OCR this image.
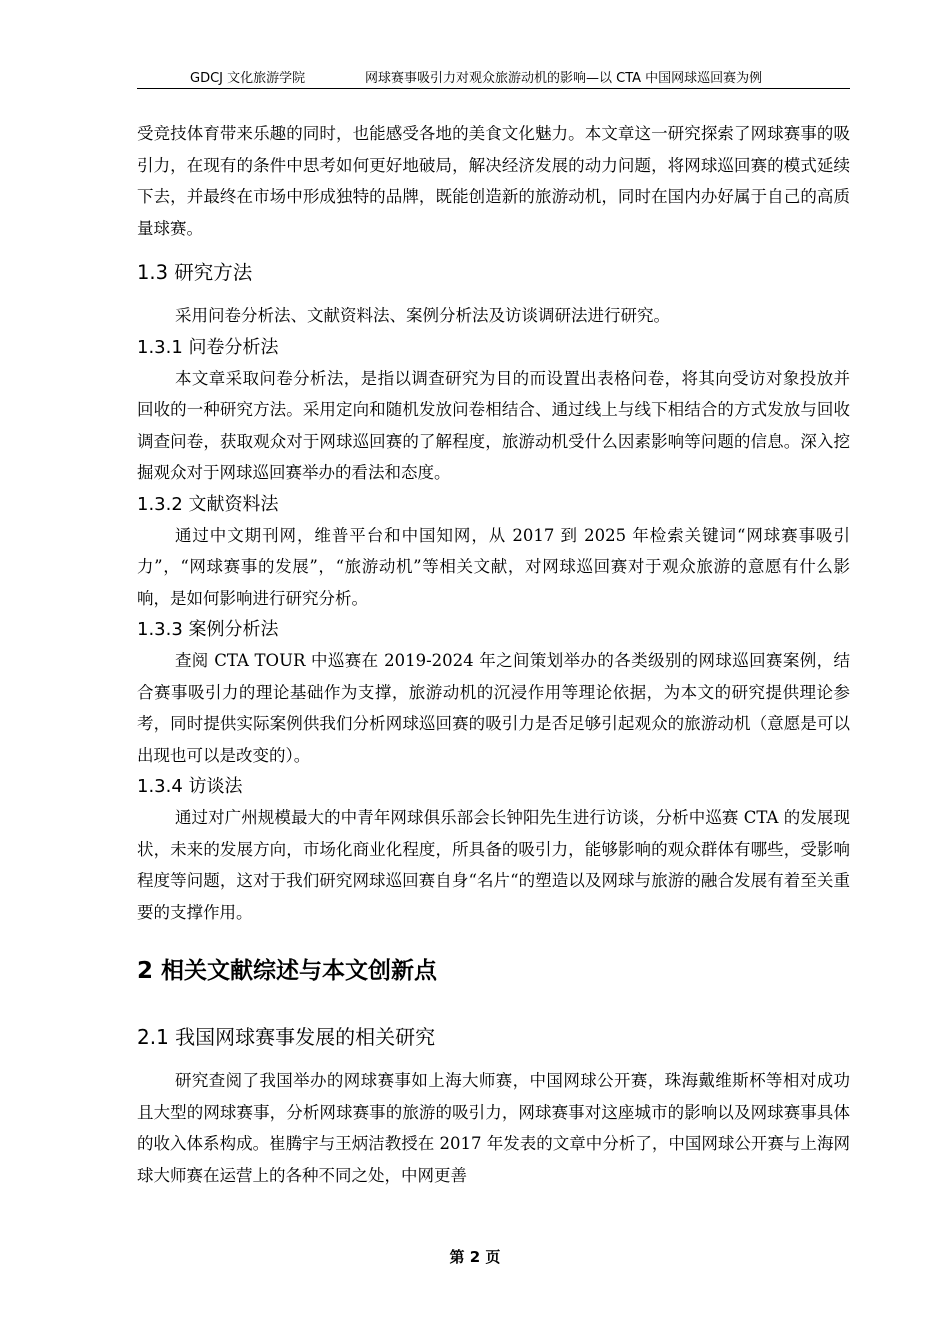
GDCJ 文化旅游学院	网球赛事吸引力对观众旅游动机的影响—以 CTA 中国网球巡回赛为例

受竞技体育带来乐趣的同时，也能感受各地的美食文化魅力。本文章这一研究探索了网球赛事的吸引力，在现有的条件中思考如何更好地破局，解决经济发展的动力问题，将网球巡回赛的模式延续下去，并最终在市场中形成独特的品牌，既能创造新的旅游动机，同时在国内办好属于自己的高质量球赛。

1.3 研究方法

采用问卷分析法、文献资料法、案例分析法及访谈调研法进行研究。

1.3.1 问卷分析法

本文章采取问卷分析法，是指以调查研究为目的而设置出表格问卷，将其向受访对象投放并回收的一种研究方法。采用定向和随机发放问卷相结合、通过线上与线下相结合的方式发放与回收调查问卷，获取观众对于网球巡回赛的了解程度，旅游动机受什么因素影响等问题的信息。深入挖掘观众对于网球巡回赛举办的看法和态度。

1.3.2 文献资料法

通过中文期刊网，维普平台和中国知网，从 2017 到 2025 年检索关键词“网球赛事吸引力”，“网球赛事的发展”，“旅游动机”等相关文献，对网球巡回赛对于观众旅游的意愿有什么影响，是如何影响进行研究分析。

1.3.3 案例分析法

查阅 CTA TOUR 中巡赛在 2019-2024 年之间策划举办的各类级别的网球巡回赛案例，结合赛事吸引力的理论基础作为支撑，旅游动机的沉浸作用等理论依据，为本文的研究提供理论参考，同时提供实际案例供我们分析网球巡回赛的吸引力是否足够引起观众的旅游动机（意愿是可以出现也可以是改变的）。

1.3.4 访谈法

通过对广州规模最大的中青年网球俱乐部会长钟阳先生进行访谈，分析中巡赛 CTA 的发展现状，未来的发展方向，市场化商业化程度，所具备的吸引力，能够影响的观众群体有哪些，受影响程度等问题，这对于我们研究网球巡回赛自身“名片“的塑造以及网球与旅游的融合发展有着至关重要的支撑作用。

2 相关文献综述与本文创新点
2.1 我国网球赛事发展的相关研究

研究查阅了我国举办的网球赛事如上海大师赛，中国网球公开赛，珠海戴维斯杯等相对成功且大型的网球赛事，分析网球赛事的旅游的吸引力，网球赛事对这座城市的影响以及网球赛事具体的收入体系构成。崔腾宇与王炳洁教授在 2017 年发表的文章中分析了，中国网球公开赛与上海网球大师赛在运营上的各种不同之处，中网更善

第 2 页
